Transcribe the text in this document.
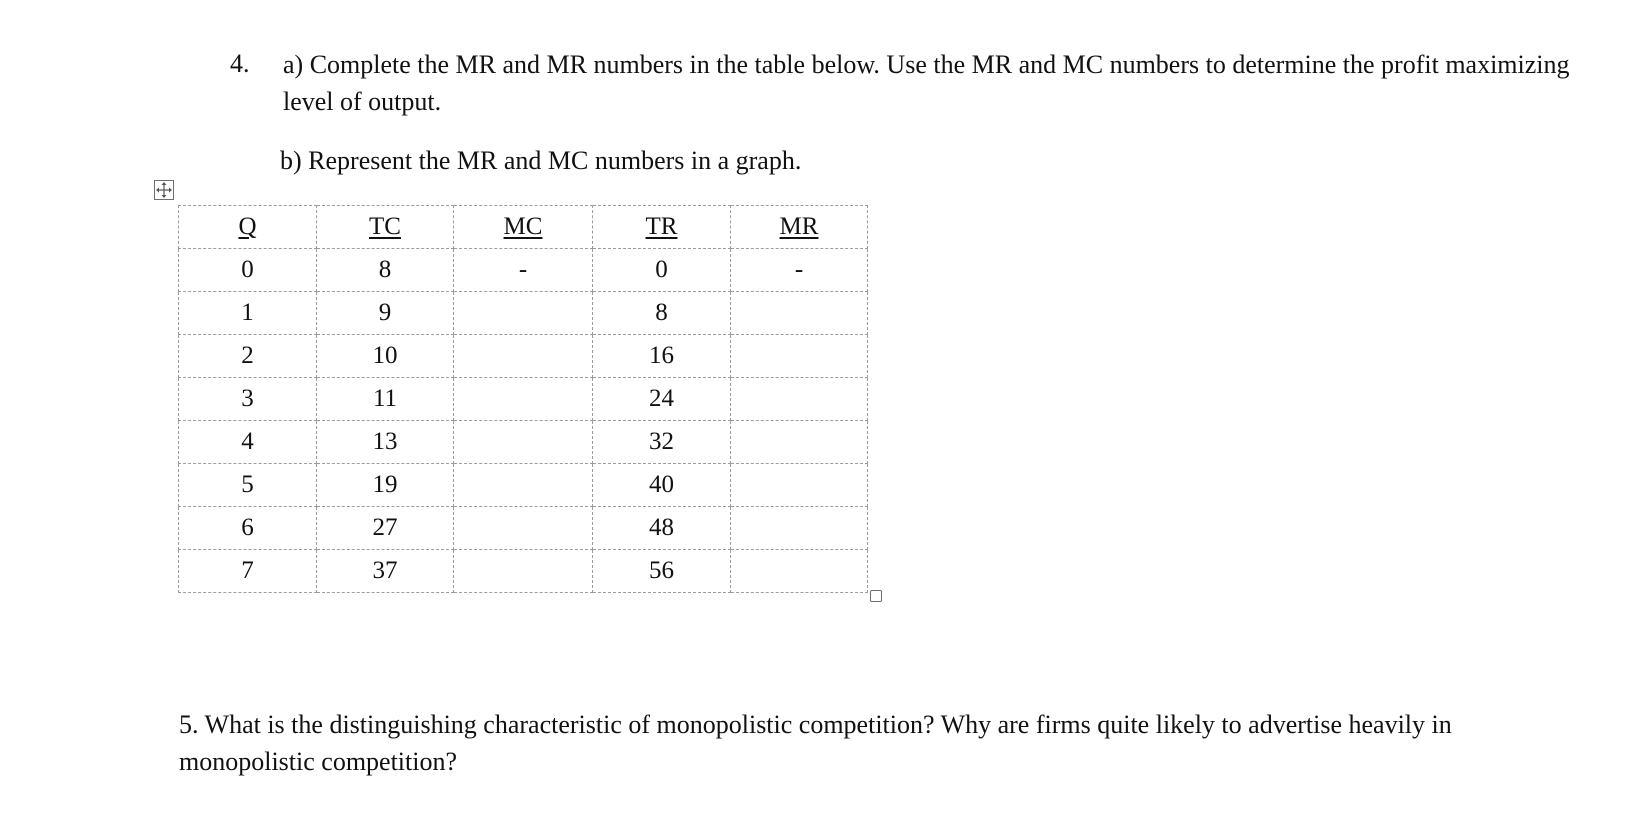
4. a) Complete the MR and MR numbers in the table below. Use the MR and MC numbers to determine the profit maximizing level of output.

b) Represent the MR and MC numbers in a graph.

Q	TC	MC	TR	MR
0	8	-	0	-
1	9		8	
2	10		16	
3	11		24	
4	13		32	
5	19		40	
6	27		48	
7	37		56	

5. What is the distinguishing characteristic of monopolistic competition? Why are firms quite likely to advertise heavily in monopolistic competition?
